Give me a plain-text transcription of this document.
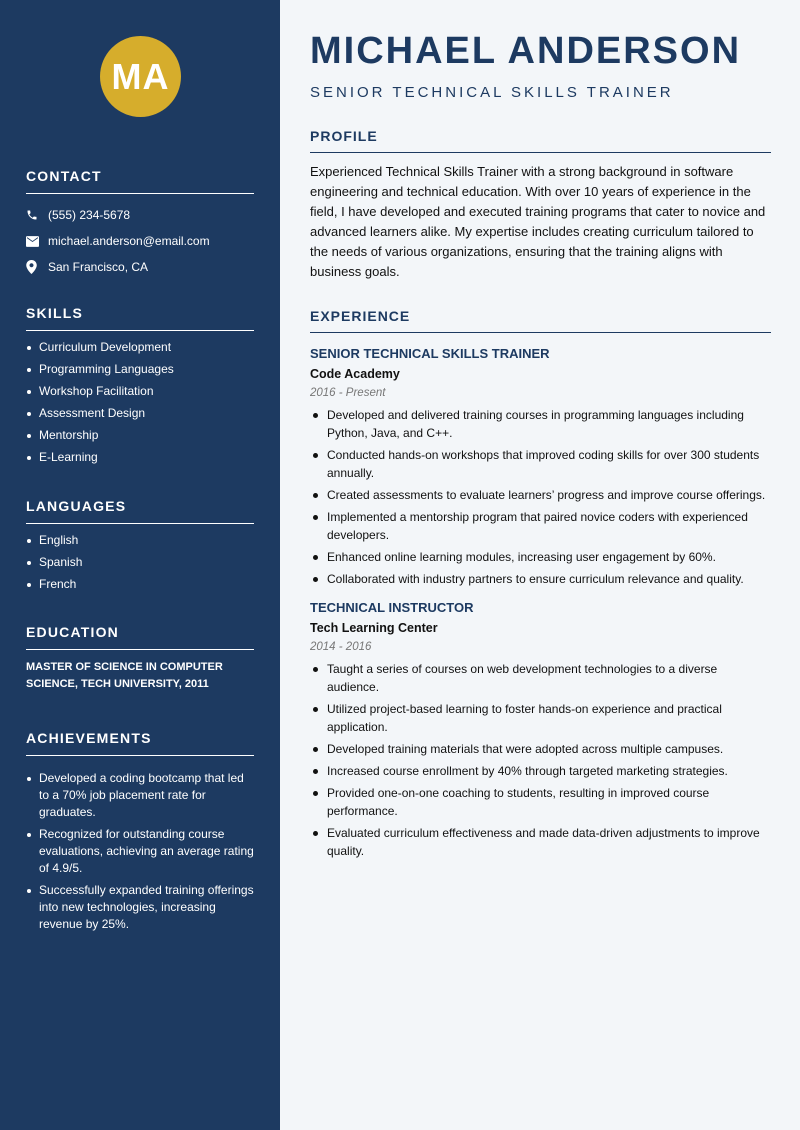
MA
CONTACT
(555) 234-5678
michael.anderson@email.com
San Francisco, CA
SKILLS
Curriculum Development
Programming Languages
Workshop Facilitation
Assessment Design
Mentorship
E-Learning
LANGUAGES
English
Spanish
French
EDUCATION
MASTER OF SCIENCE IN COMPUTER
SCIENCE, TECH UNIVERSITY, 2011
ACHIEVEMENTS
Developed a coding bootcamp that led to a 70% job placement rate for graduates.
Recognized for outstanding course evaluations, achieving an average rating of 4.9/5.
Successfully expanded training offerings into new technologies, increasing revenue by 25%.
MICHAEL ANDERSON
SENIOR TECHNICAL SKILLS TRAINER
PROFILE
Experienced Technical Skills Trainer with a strong background in software engineering and technical education. With over 10 years of experience in the field, I have developed and executed training programs that cater to novice and advanced learners alike. My expertise includes creating curriculum tailored to the needs of various organizations, ensuring that the training aligns with business goals.
EXPERIENCE
SENIOR TECHNICAL SKILLS TRAINER
Code Academy
2016 - Present
Developed and delivered training courses in programming languages including Python, Java, and C++.
Conducted hands-on workshops that improved coding skills for over 300 students annually.
Created assessments to evaluate learners’ progress and improve course offerings.
Implemented a mentorship program that paired novice coders with experienced developers.
Enhanced online learning modules, increasing user engagement by 60%.
Collaborated with industry partners to ensure curriculum relevance and quality.
TECHNICAL INSTRUCTOR
Tech Learning Center
2014 - 2016
Taught a series of courses on web development technologies to a diverse audience.
Utilized project-based learning to foster hands-on experience and practical application.
Developed training materials that were adopted across multiple campuses.
Increased course enrollment by 40% through targeted marketing strategies.
Provided one-on-one coaching to students, resulting in improved course performance.
Evaluated curriculum effectiveness and made data-driven adjustments to improve quality.
